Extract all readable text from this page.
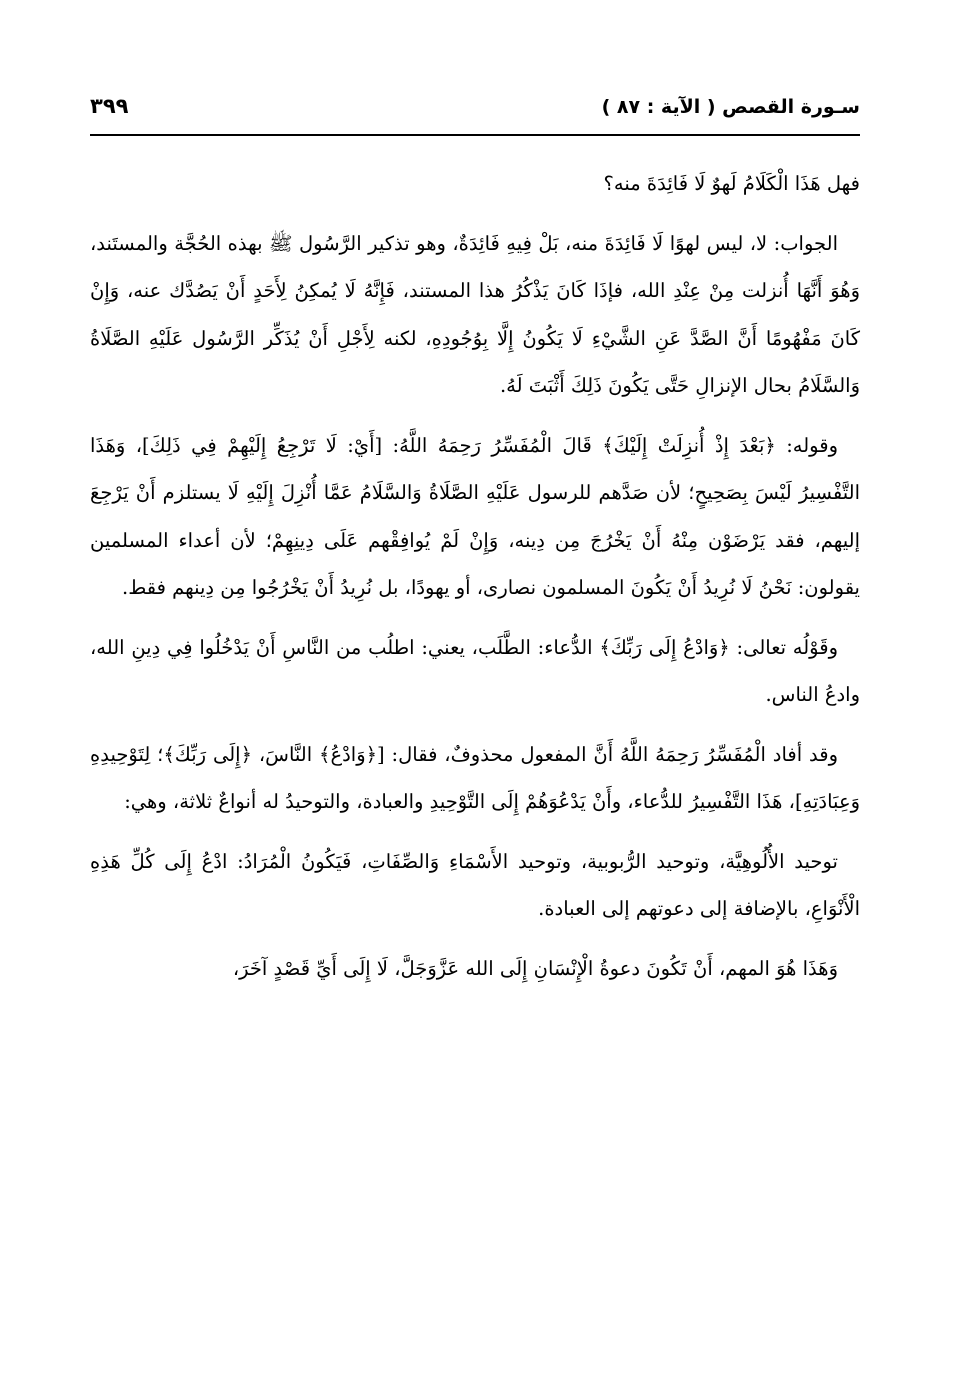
سـورة القصص ( الآية : ٨٧ )
٣٩٩

فهل هَذَا الْكَلَامُ لَهوٌ لَا فَائِدَةَ منه؟

الجواب: لا، ليس لهوًا لَا فَائِدَةَ منه، بَلْ فِيهِ فَائِدَةٌ، وهو تذكير الرَّسُول ﷺ بهذه الحُجَّة والمستَند، وَهُوَ أَنَّهَا أُنزلت مِنْ عِنْدِ الله، فإذَا كَانَ يَذْكُرُ هذا المستند، فَإِنَّهُ لَا يُمكِنُ لِأَحَدٍ أَنْ يَصُدَّك عنه، وَإِنْ كَانَ مَفْهُومًا أَنَّ الصَّدَّ عَنِ الشَّيْءِ لَا يَكُونُ إِلَّا بِوُجُودِهِ، لكنه لِأَجْلِ أَنْ يُذَكِّر الرَّسُول عَلَيْهِ الصَّلَاةُ وَالسَّلَامُ بحال الإنزالِ حَتَّى يَكُونَ ذَلِكَ أَثْبَتَ لَهُ.

وقوله: ﴿بَعْدَ إِذْ أُنزِلَتْ إِلَيْكَ﴾ قَالَ الْمُفَسِّرُ رَحِمَهُ اللَّهُ: [أَيْ: لَا تَرْجِعُ إِلَيْهِمْ فِي ذَلِكَ]، وَهَذَا التَّفْسِيرُ لَيْسَ بِصَحِيحٍ؛ لأن صَدَّهم للرسول عَلَيْهِ الصَّلَاةُ وَالسَّلَامُ عَمَّا أُنْزِلَ إِلَيْهِ لَا يستلزم أَنْ يَرْجِعَ إليهم، فقد يَرْضَوْن مِنْهُ أَنْ يَخْرُجَ مِن دِينه، وَإِنْ لَمْ يُوافِقْهم عَلَى دِينِهِمْ؛ لأن أعداء المسلمين يقولون: نَحْنُ لَا نُرِيدُ أَنْ يَكُونَ المسلمون نصارى، أو يهودًا، بل نُرِيدُ أَنْ يَخْرُجُوا مِن دِينهم فقط.

وقَوْلُه تعالى: ﴿وَادْعُ إِلَى رَبِّكَ﴾ الدُّعاء: الطَّلَب، يعني: اطلُب من النَّاسِ أَنْ يَدْخُلُوا فِي دِينِ الله، وادعُ الناس.

وقد أفاد الْمُفَسِّرُ رَحِمَهُ اللَّهُ أَنَّ المفعول محذوفٌ، فقال: [﴿وَادْعُ﴾ النَّاسَ، ﴿إِلَى رَبِّكَ﴾؛ لِتَوْحِيدِهِ وَعِبَادَتِهِ]، هَذَا التَّفْسِيرُ للدُّعاء، وأَنْ يَدْعُوَهُمْ إِلَى التَّوْحِيدِ والعبادة، والتوحيدُ له أنواعٌ ثلاثة، وهي:

توحيد الأُلُوهِيَّة، وتوحيد الرُّبوبية، وتوحيد الأَسْمَاءِ وَالصِّفَاتِ، فَيَكُونُ الْمُرَادُ: ادْعُ إِلَى كُلِّ هَذِهِ الْأَنْوَاعِ، بالإضافة إلى دعوتهم إلى العبادة.

وَهَذَا هُوَ المهم، أَنْ تَكُونَ دعوةُ الْإِنْسَانِ إِلَى الله عَزَّوَجَلَّ، لَا إِلَى أَيِّ قَصْدٍ آخَرَ،
